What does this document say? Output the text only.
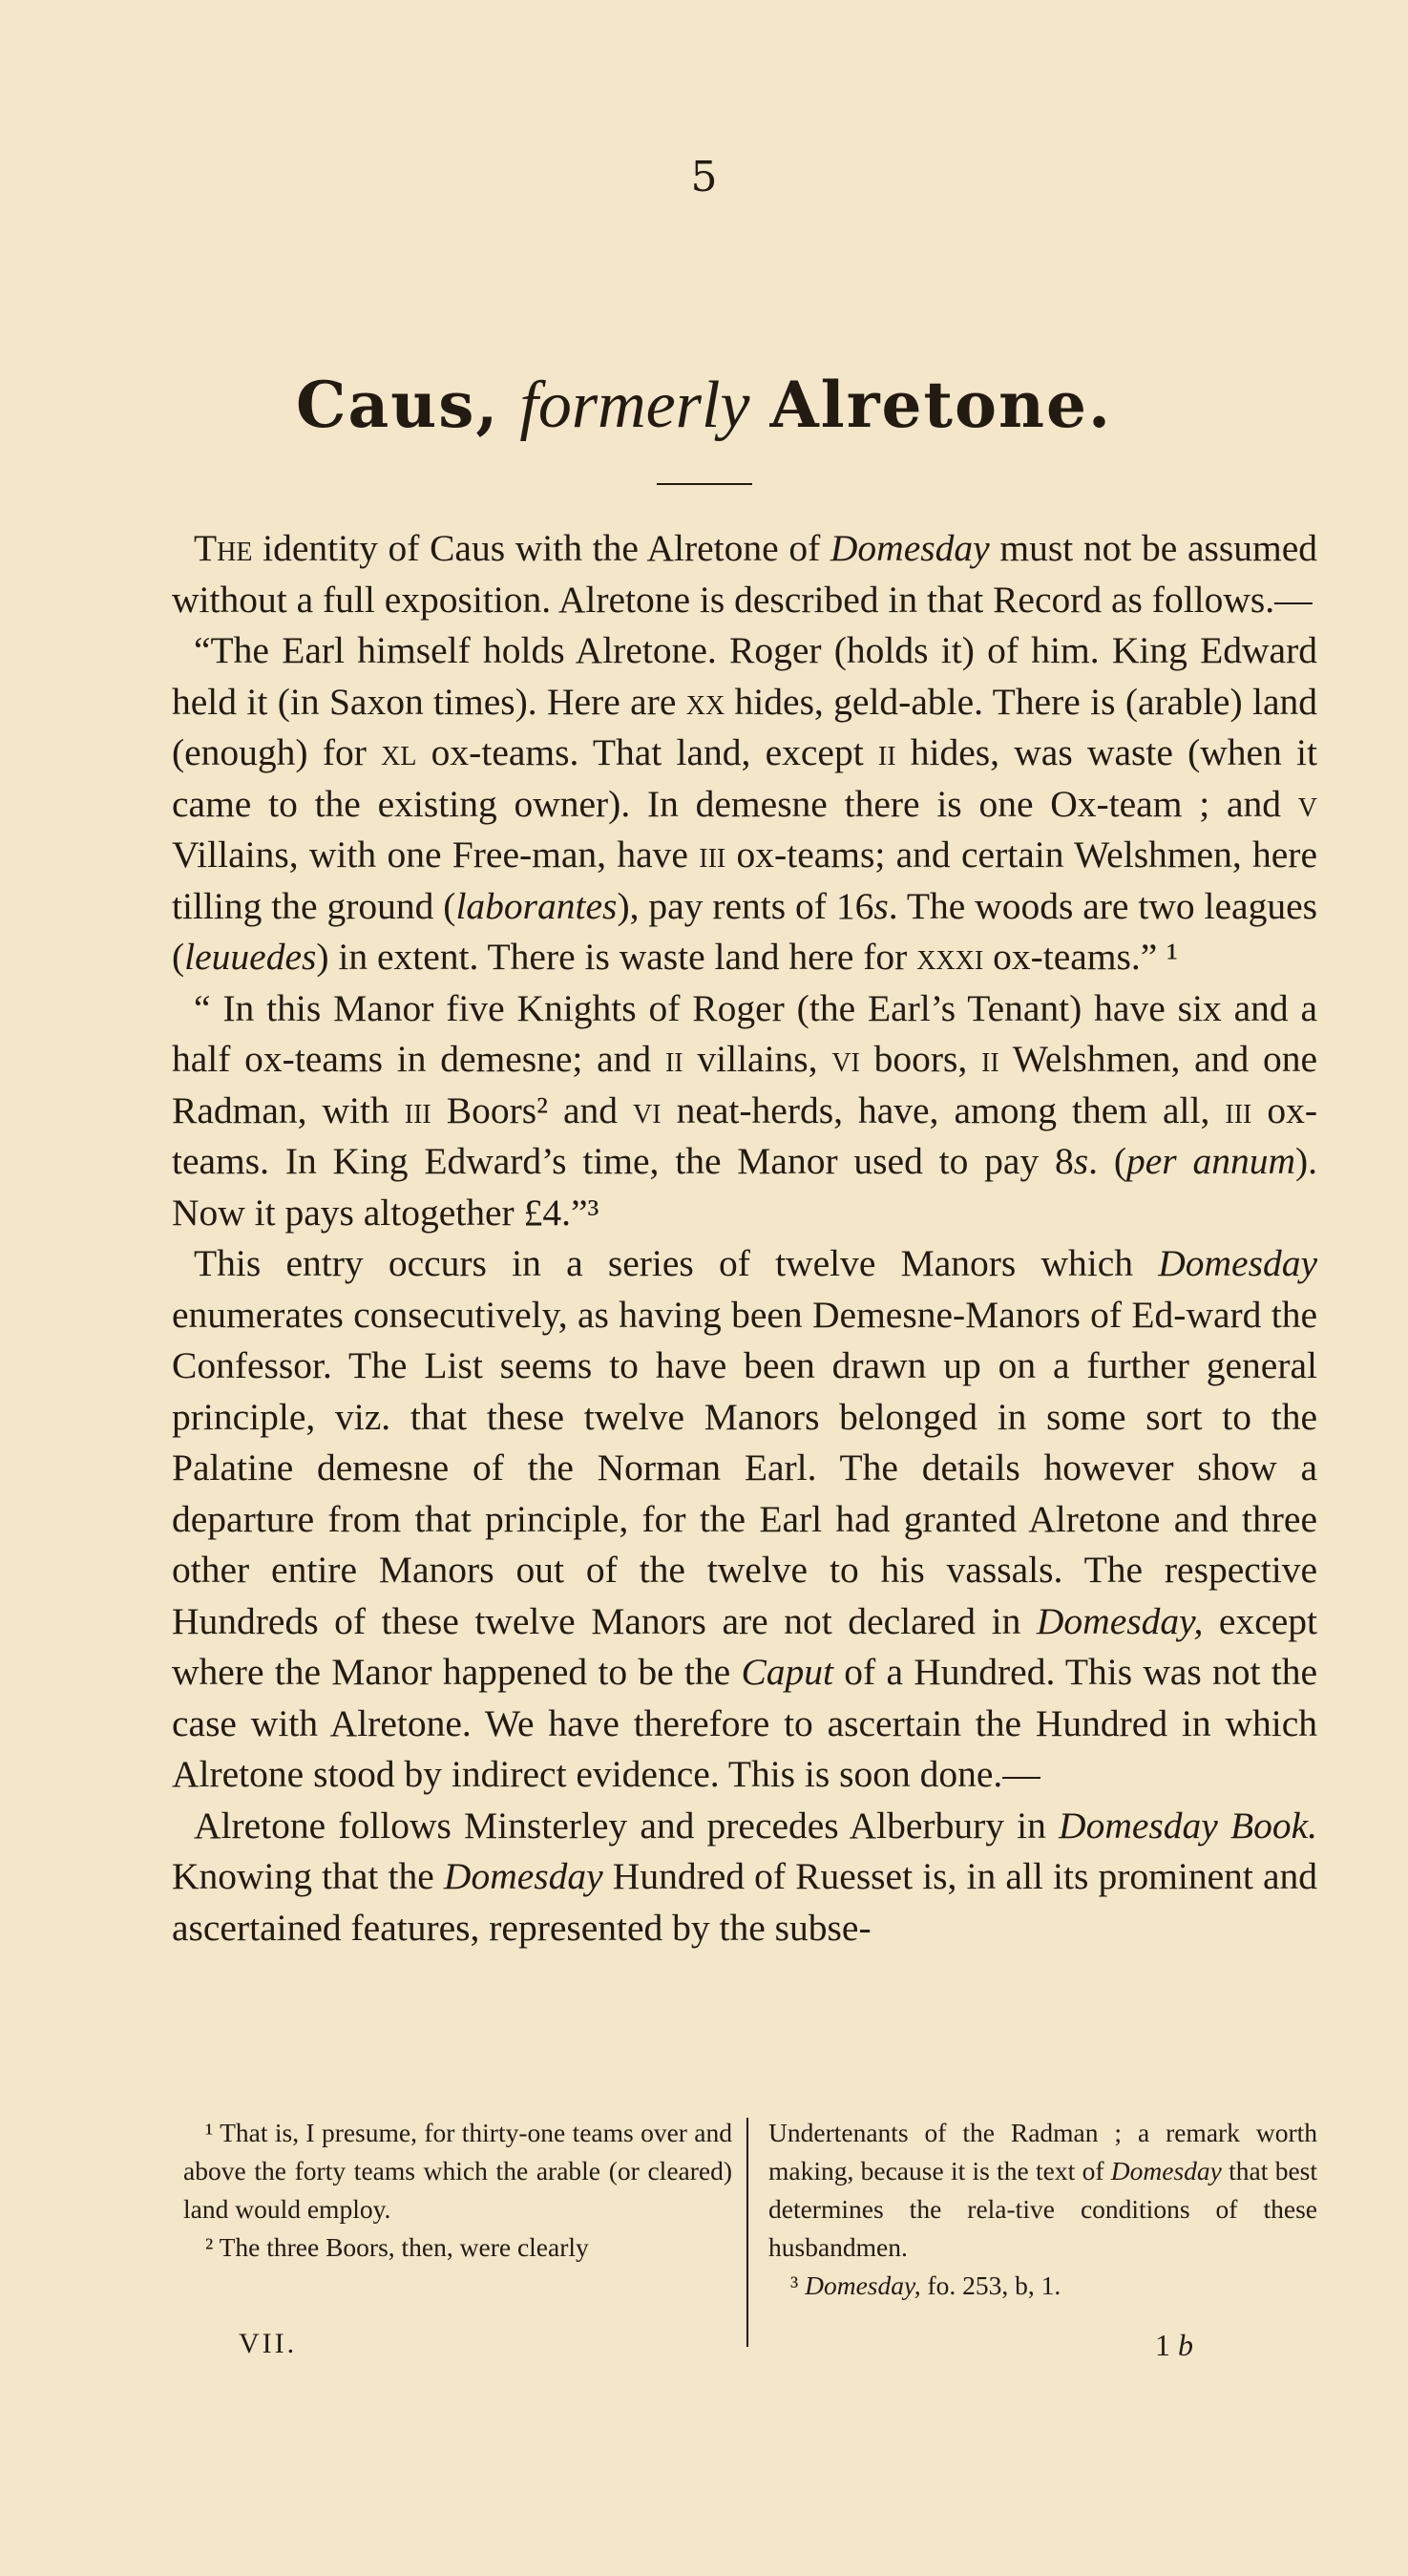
5
Caus, formerly Alretone.

The identity of Caus with the Alretone of Domesday must not be assumed without a full exposition. Alretone is described in that Record as follows.—

“The Earl himself holds Alretone. Roger (holds it) of him. King Edward held it (in Saxon times). Here are xx hides, geld-able. There is (arable) land (enough) for xl ox-teams. That land, except ii hides, was waste (when it came to the existing owner). In demesne there is one Ox-team ; and v Villains, with one Free-man, have iii ox-teams; and certain Welshmen, here tilling the ground (laborantes), pay rents of 16s. The woods are two leagues (leuuedes) in extent. There is waste land here for xxxi ox-teams.” ¹

“ In this Manor five Knights of Roger (the Earl’s Tenant) have six and a half ox-teams in demesne; and ii villains, vi boors, ii Welshmen, and one Radman, with iii Boors² and vi neat-herds, have, among them all, iii ox-teams. In King Edward’s time, the Manor used to pay 8s. (per annum). Now it pays altogether £4.”³

This entry occurs in a series of twelve Manors which Domesday enumerates consecutively, as having been Demesne-Manors of Ed-ward the Confessor. The List seems to have been drawn up on a further general principle, viz. that these twelve Manors belonged in some sort to the Palatine demesne of the Norman Earl. The details however show a departure from that principle, for the Earl had granted Alretone and three other entire Manors out of the twelve to his vassals. The respective Hundreds of these twelve Manors are not declared in Domesday, except where the Manor happened to be the Caput of a Hundred. This was not the case with Alretone. We have therefore to ascertain the Hundred in which Alretone stood by indirect evidence. This is soon done.—

Alretone follows Minsterley and precedes Alberbury in Domesday Book. Knowing that the Domesday Hundred of Ruesset is, in all its prominent and ascertained features, represented by the subse-

¹ That is, I presume, for thirty-one teams over and above the forty teams which the arable (or cleared) land would employ.

² The three Boors, then, were clearly

Undertenants of the Radman ; a remark worth making, because it is the text of Domesday that best determines the rela-tive conditions of these husbandmen.

³ Domesday, fo. 253, b, 1.

VII.	1 b
